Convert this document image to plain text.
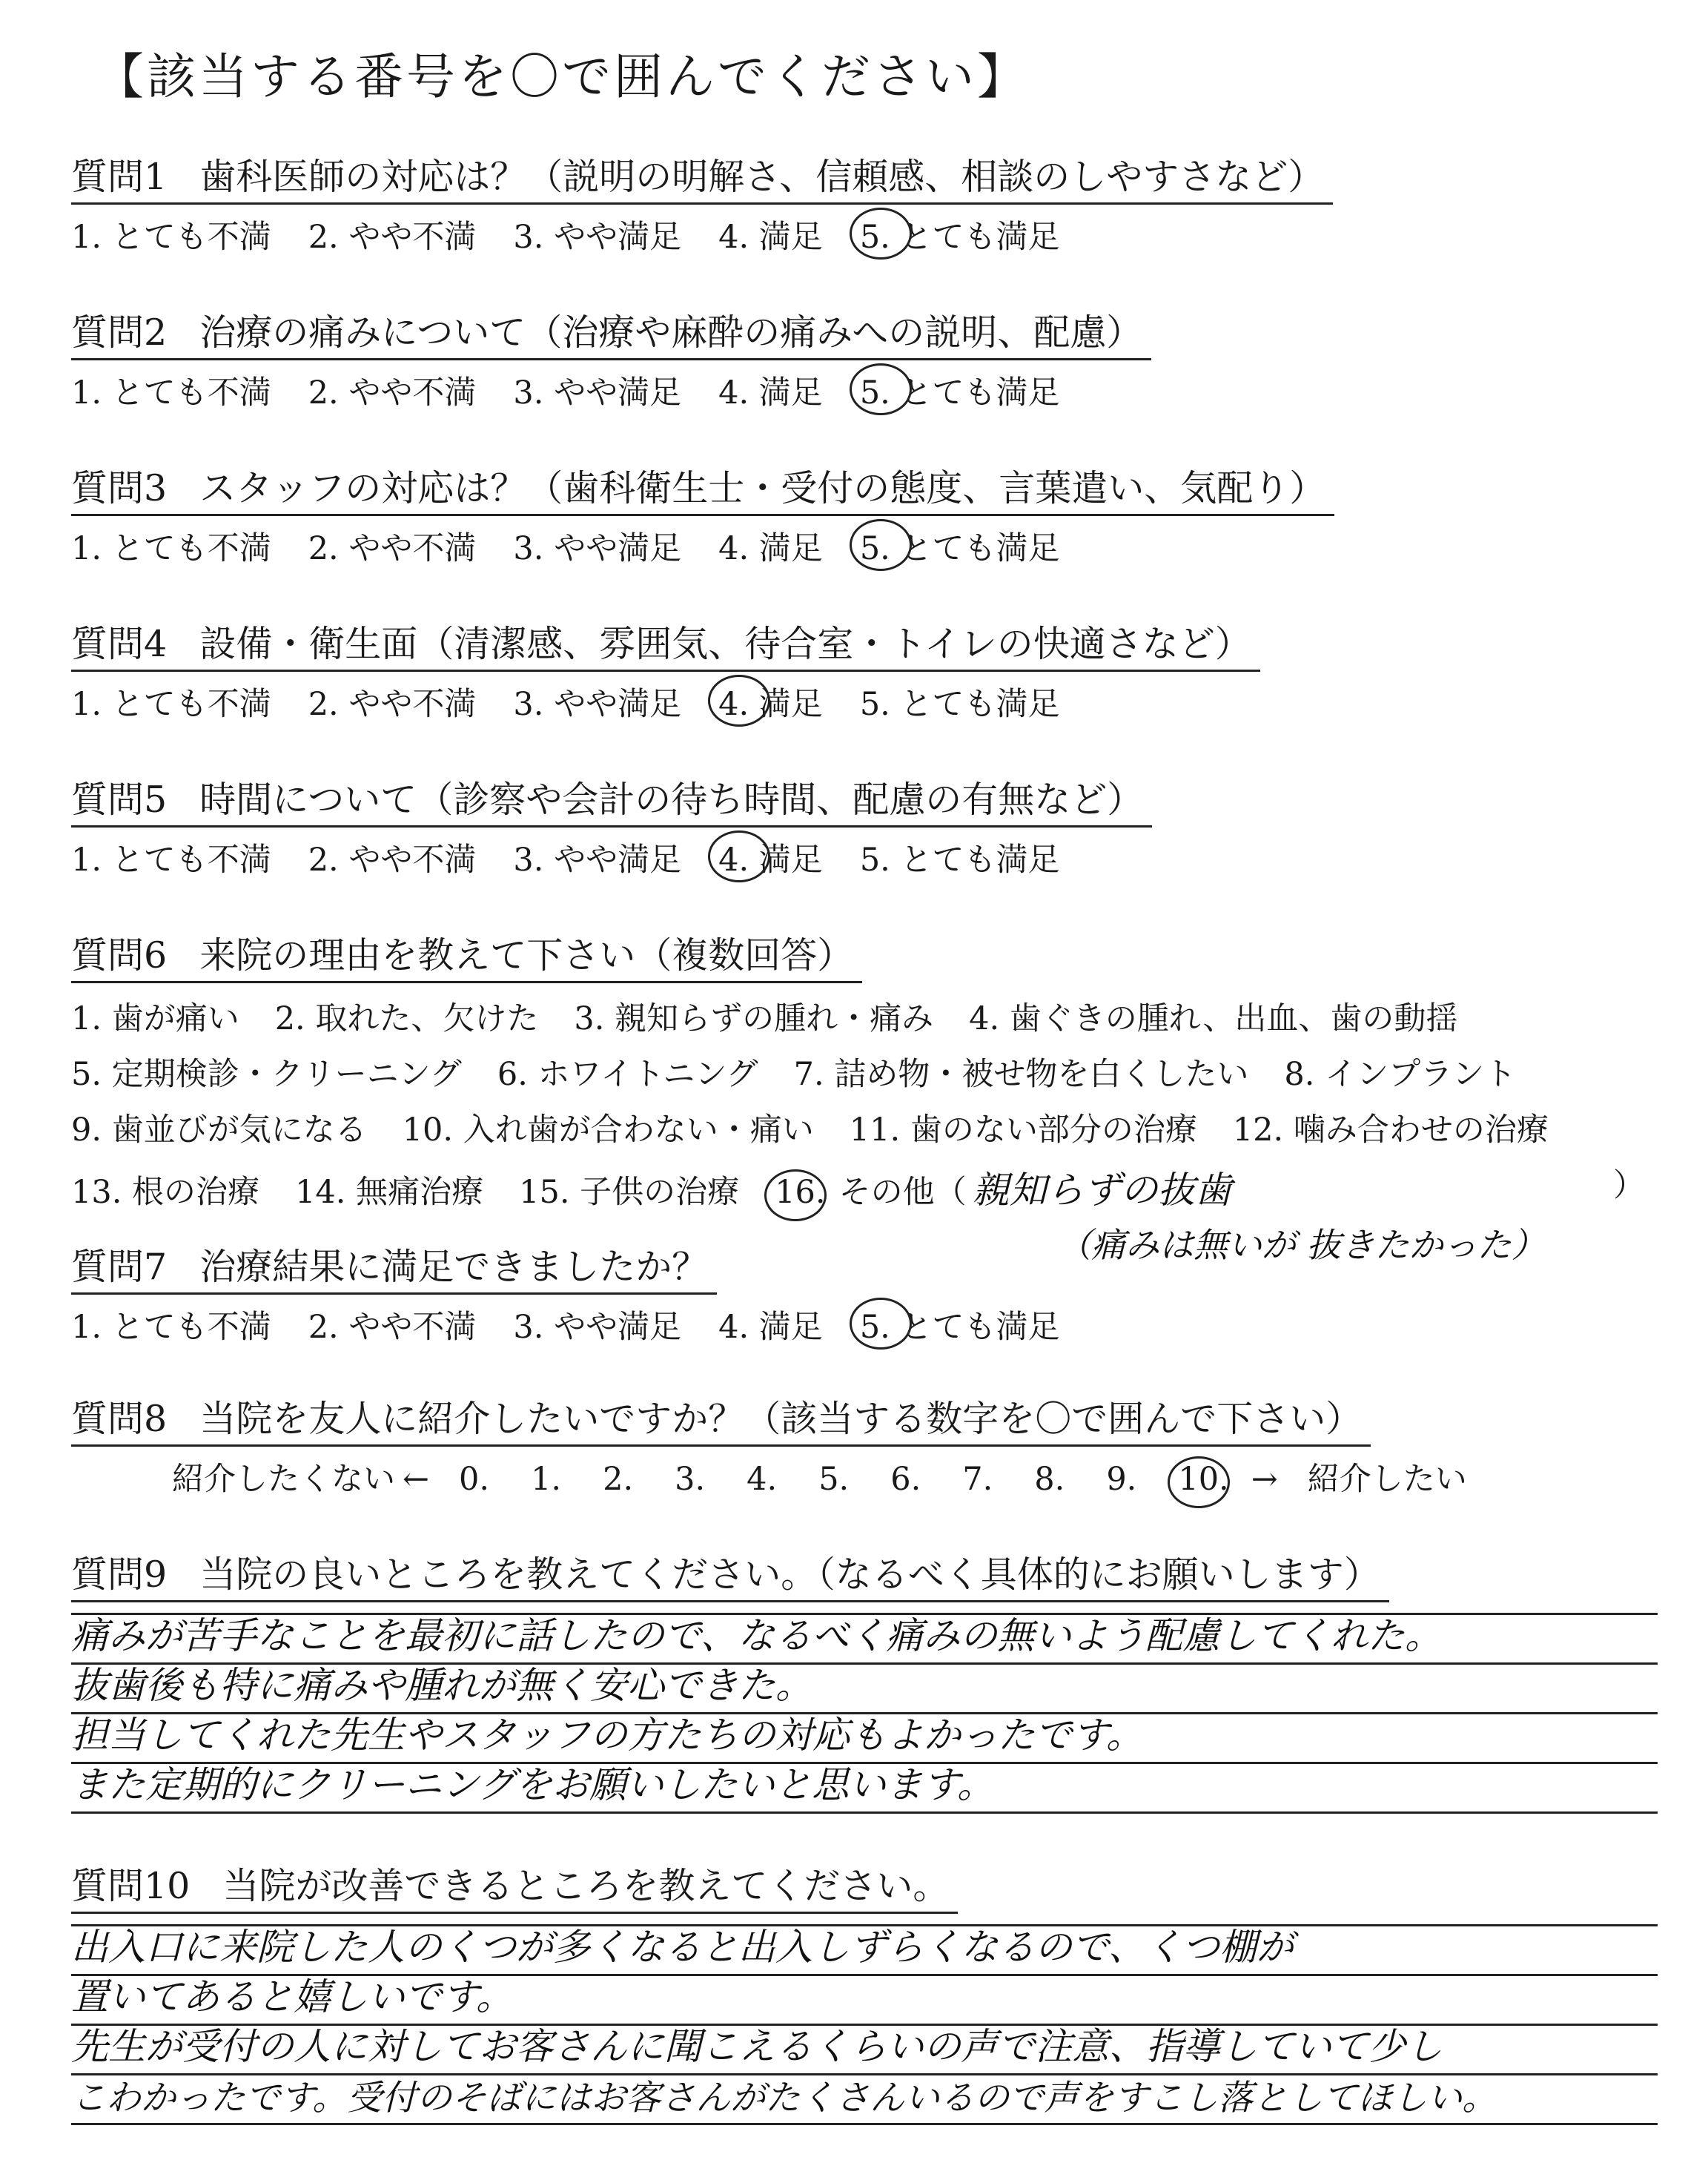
【該当する番号を〇で囲んでください】
質問1 歯科医師の対応は？（説明の明解さ、信頼感、相談のしやすさなど）
1. とても不満 2. やや不満 3. やや満足 4. 満足 5. とても満足
質問2 治療の痛みについて（治療や麻酔の痛みへの説明、配慮）
1. とても不満 2. やや不満 3. やや満足 4. 満足 5. とても満足
質問3 スタッフの対応は？（歯科衛生士・受付の態度、言葉遣い、気配り）
1. とても不満 2. やや不満 3. やや満足 4. 満足 5. とても満足
質問4 設備・衛生面（清潔感、雰囲気、待合室・トイレの快適さなど）
1. とても不満 2. やや不満 3. やや満足 4. 満足 5. とても満足
質問5 時間について（診察や会計の待ち時間、配慮の有無など）
1. とても不満 2. やや不満 3. やや満足 4. 満足 5. とても満足
質問6 来院の理由を教えて下さい（複数回答）
1. 歯が痛い 2. 取れた、欠けた 3. 親知らずの腫れ・痛み 4. 歯ぐきの腫れ、出血、歯の動揺
5. 定期検診・クリーニング 6. ホワイトニング 7. 詰め物・被せ物を白くしたい 8. インプラント
9. 歯並びが気になる 10. 入れ歯が合わない・痛い 11. 歯のない部分の治療 12. 噛み合わせの治療
13. 根の治療 14. 無痛治療 15. 子供の治療 16. その他（ 親知らずの抜歯	）
（痛みは無いが 抜きたかった）
質問7 治療結果に満足できましたか？
1. とても不満 2. やや不満 3. やや満足 4. 満足 5. とても満足
質問8 当院を友人に紹介したいですか？（該当する数字を〇で囲んで下さい）
紹介したくない ← 0. 1. 2. 3. 4. 5. 6. 7. 8. 9. 10. → 紹介したい
質問9 当院の良いところを教えてください。（なるべく具体的にお願いします）
痛みが苦手なことを最初に話したので、なるべく痛みの無いよう配慮してくれた。
抜歯後も特に痛みや腫れが無く安心できた。
担当してくれた先生やスタッフの方たちの対応もよかったです。
また定期的にクリーニングをお願いしたいと思います。
質問10 当院が改善できるところを教えてください。
出入口に来院した人のくつが多くなると出入しずらくなるので、くつ棚が
置いてあると嬉しいです。
先生が受付の人に対してお客さんに聞こえるくらいの声で注意、指導していて少し
こわかったです。受付のそばにはお客さんがたくさんいるので声をすこし落としてほしい。
